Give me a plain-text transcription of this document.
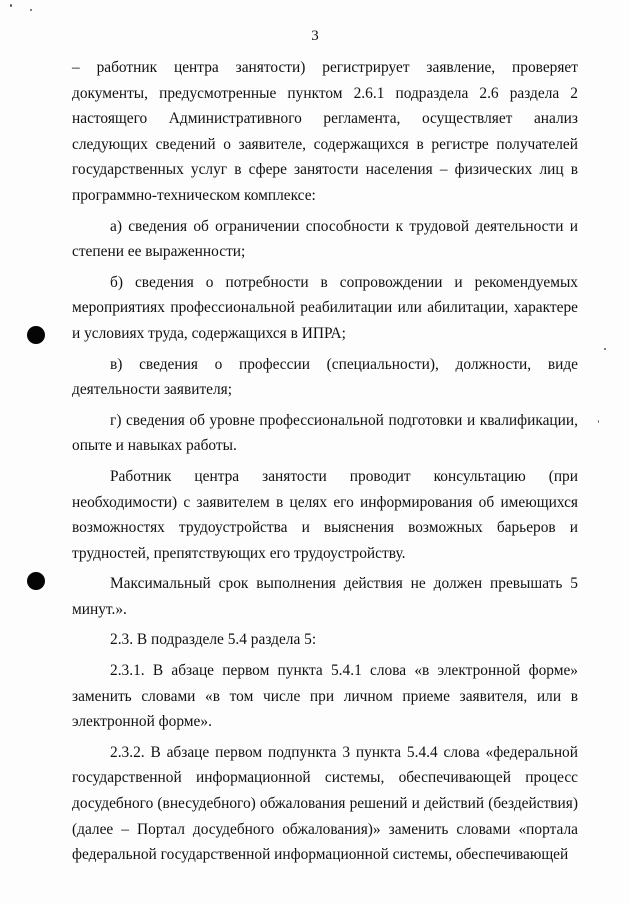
3

– работник центра занятости) регистрирует заявление, проверяет документы, предусмотренные пунктом 2.6.1 подраздела 2.6 раздела 2 настоящего Административного регламента, осуществляет анализ следующих сведений о заявителе, содержащихся в регистре получателей государственных услуг в сфере занятости населения – физических лиц в программно-техническом комплексе:

а) сведения об ограничении способности к трудовой деятельности и степени ее выраженности;

б) сведения о потребности в сопровождении и рекомендуемых мероприятиях профессиональной реабилитации или абилитации, характере и условиях труда, содержащихся в ИПРА;

в) сведения о профессии (специальности), должности, виде деятельности заявителя;

г) сведения об уровне профессиональной подготовки и квалификации, опыте и навыках работы.

Работник центра занятости проводит консультацию (при необходимости) с заявителем в целях его информирования об имеющихся возможностях трудоустройства и выяснения возможных барьеров и трудностей, препятствующих его трудоустройству.

Максимальный срок выполнения действия не должен превышать 5 минут.».

2.3. В подразделе 5.4 раздела 5:

2.3.1. В абзаце первом пункта 5.4.1 слова «в электронной форме» заменить словами «в том числе при личном приеме заявителя, или в электронной форме».

2.3.2. В абзаце первом подпункта 3 пункта 5.4.4 слова «федеральной государственной информационной системы, обеспечивающей процесс досудебного (внесудебного) обжалования решений и действий (бездействия) (далее – Портал досудебного обжалования)» заменить словами «портала федеральной государственной информационной системы, обеспечивающей
